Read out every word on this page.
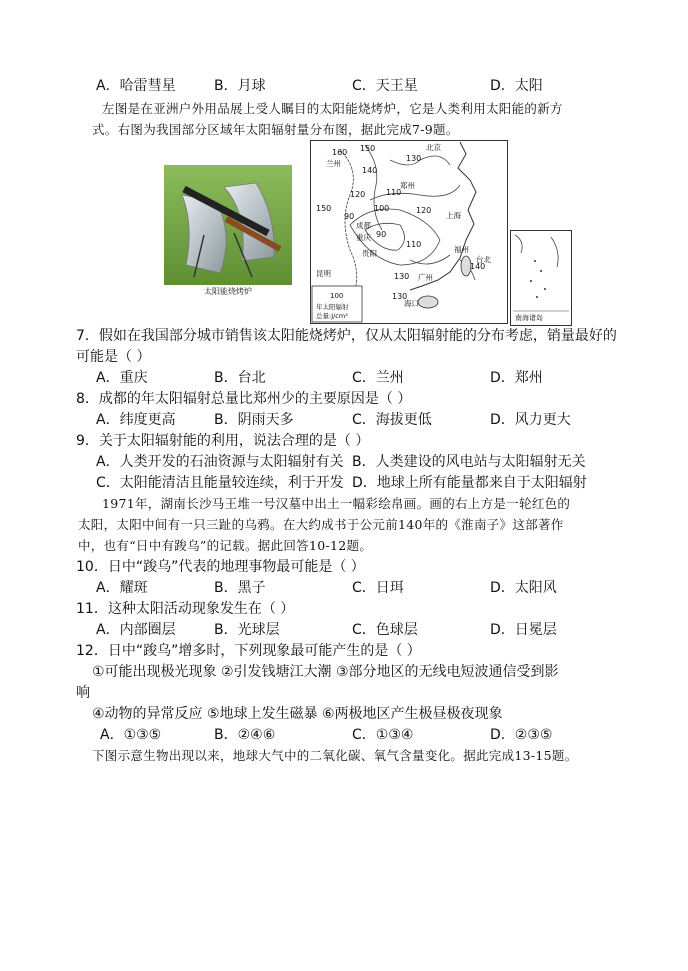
A．哈雷彗星	B．月球	C．天王星	D．太阳
左图是在亚洲户外用品展上受人瞩目的太阳能烧烤炉，它是人类利用太阳能的新方
式。右图为我国部分区域年太阳辐射量分布图，据此完成7-9题。
太阳能烧烤炉
160 150
140
130
150
120	110
120
100
90
90
110
130
140
130
兰州
北京
郑州
上海
成都
重庆
贵阳	福州
昆明	广州
台北
海口
100
年太阳辐射
总量:J/cm²	南海诸岛
7．假如在我国部分城市销售该太阳能烧烤炉，仅从太阳辐射能的分布考虑，销量最好的
可能是（ ）
A．重庆	B．台北	C．兰州	D．郑州
8．成都的年太阳辐射总量比郑州少的主要原因是（ ）
A．纬度更高	B．阴雨天多	C．海拔更低	D．风力更大
9．关于太阳辐射能的利用，说法合理的是（ ）
A．人类开发的石油资源与太阳辐射有关 B．人类建设的风电站与太阳辐射无关
C．太阳能清洁且能量较连续，利于开发 D．地球上所有能量都来自于太阳辐射
1971年，湖南长沙马王堆一号汉墓中出土一幅彩绘帛画。画的右上方是一轮红色的
太阳，太阳中间有一只三趾的乌鸦。在大约成书于公元前140年的《淮南子》这部著作
中，也有“日中有踆乌”的记载。据此回答10-12题。
10．日中“踆乌”代表的地理事物最可能是（ ）
A．耀斑	B．黑子	C．日珥	D．太阳风
11．这种太阳活动现象发生在（ ）
A．内部圈层	B．光球层	C．色球层	D．日冕层
12．日中“踆乌”增多时，下列现象最可能产生的是（ ）
①可能出现极光现象 ②引发钱塘江大潮 ③部分地区的无线电短波通信受到影
响
④动物的异常反应 ⑤地球上发生磁暴 ⑥两极地区产生极昼极夜现象
A．①③⑤	B．②④⑥	C．①③④	D．②③⑤
下图示意生物出现以来，地球大气中的二氧化碳、氧气含量变化。据此完成13-15题。
